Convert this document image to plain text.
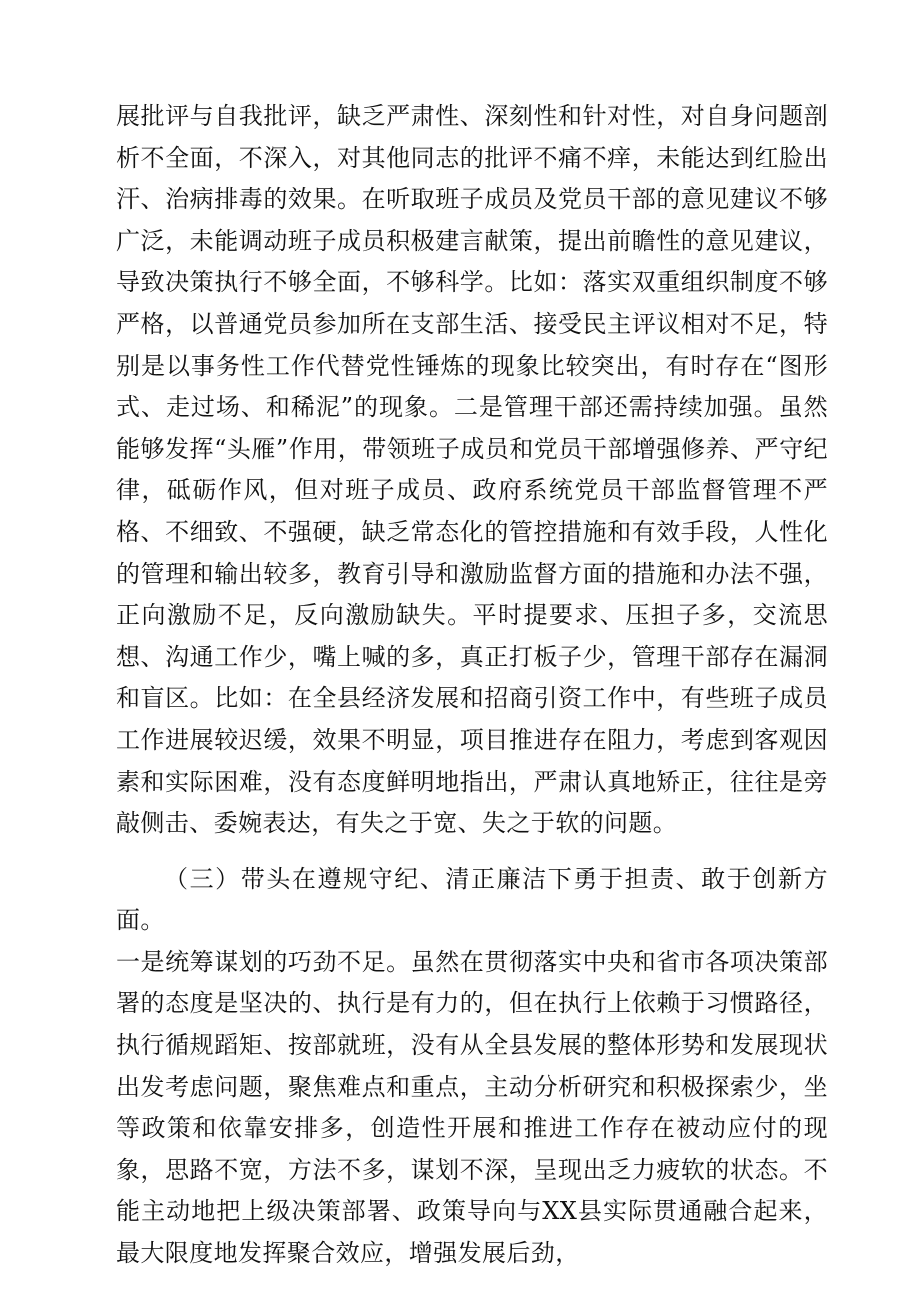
展批评与自我批评，缺乏严肃性、深刻性和针对性，对自身问题剖析不全面，不深入，对其他同志的批评不痛不痒，未能达到红脸出汗、治病排毒的效果。在听取班子成员及党员干部的意见建议不够广泛，未能调动班子成员积极建言献策，提出前瞻性的意见建议，导致决策执行不够全面，不够科学。比如：落实双重组织制度不够严格，以普通党员参加所在支部生活、接受民主评议相对不足，特别是以事务性工作代替党性锤炼的现象比较突出，有时存在“图形式、走过场、和稀泥”的现象。二是管理干部还需持续加强。虽然能够发挥“头雁”作用，带领班子成员和党员干部增强修养、严守纪律，砥砺作风，但对班子成员、政府系统党员干部监督管理不严格、不细致、不强硬，缺乏常态化的管控措施和有效手段，人性化的管理和输出较多，教育引导和激励监督方面的措施和办法不强，正向激励不足，反向激励缺失。平时提要求、压担子多，交流思想、沟通工作少，嘴上喊的多，真正打板子少，管理干部存在漏洞和盲区。比如：在全县经济发展和招商引资工作中，有些班子成员工作进展较迟缓，效果不明显，项目推进存在阻力，考虑到客观因素和实际困难，没有态度鲜明地指出，严肃认真地矫正，往往是旁敲侧击、委婉表达，有失之于宽、失之于软的问题。

（三）带头在遵规守纪、清正廉洁下勇于担责、敢于创新方面。

一是统筹谋划的巧劲不足。虽然在贯彻落实中央和省市各项决策部署的态度是坚决的、执行是有力的，但在执行上依赖于习惯路径，执行循规蹈矩、按部就班，没有从全县发展的整体形势和发展现状出发考虑问题，聚焦难点和重点，主动分析研究和积极探索少，坐等政策和依靠安排多，创造性开展和推进工作存在被动应付的现象，思路不宽，方法不多，谋划不深，呈现出乏力疲软的状态。不能主动地把上级决策部署、政策导向与XX县实际贯通融合起来，最大限度地发挥聚合效应，增强发展后劲，
